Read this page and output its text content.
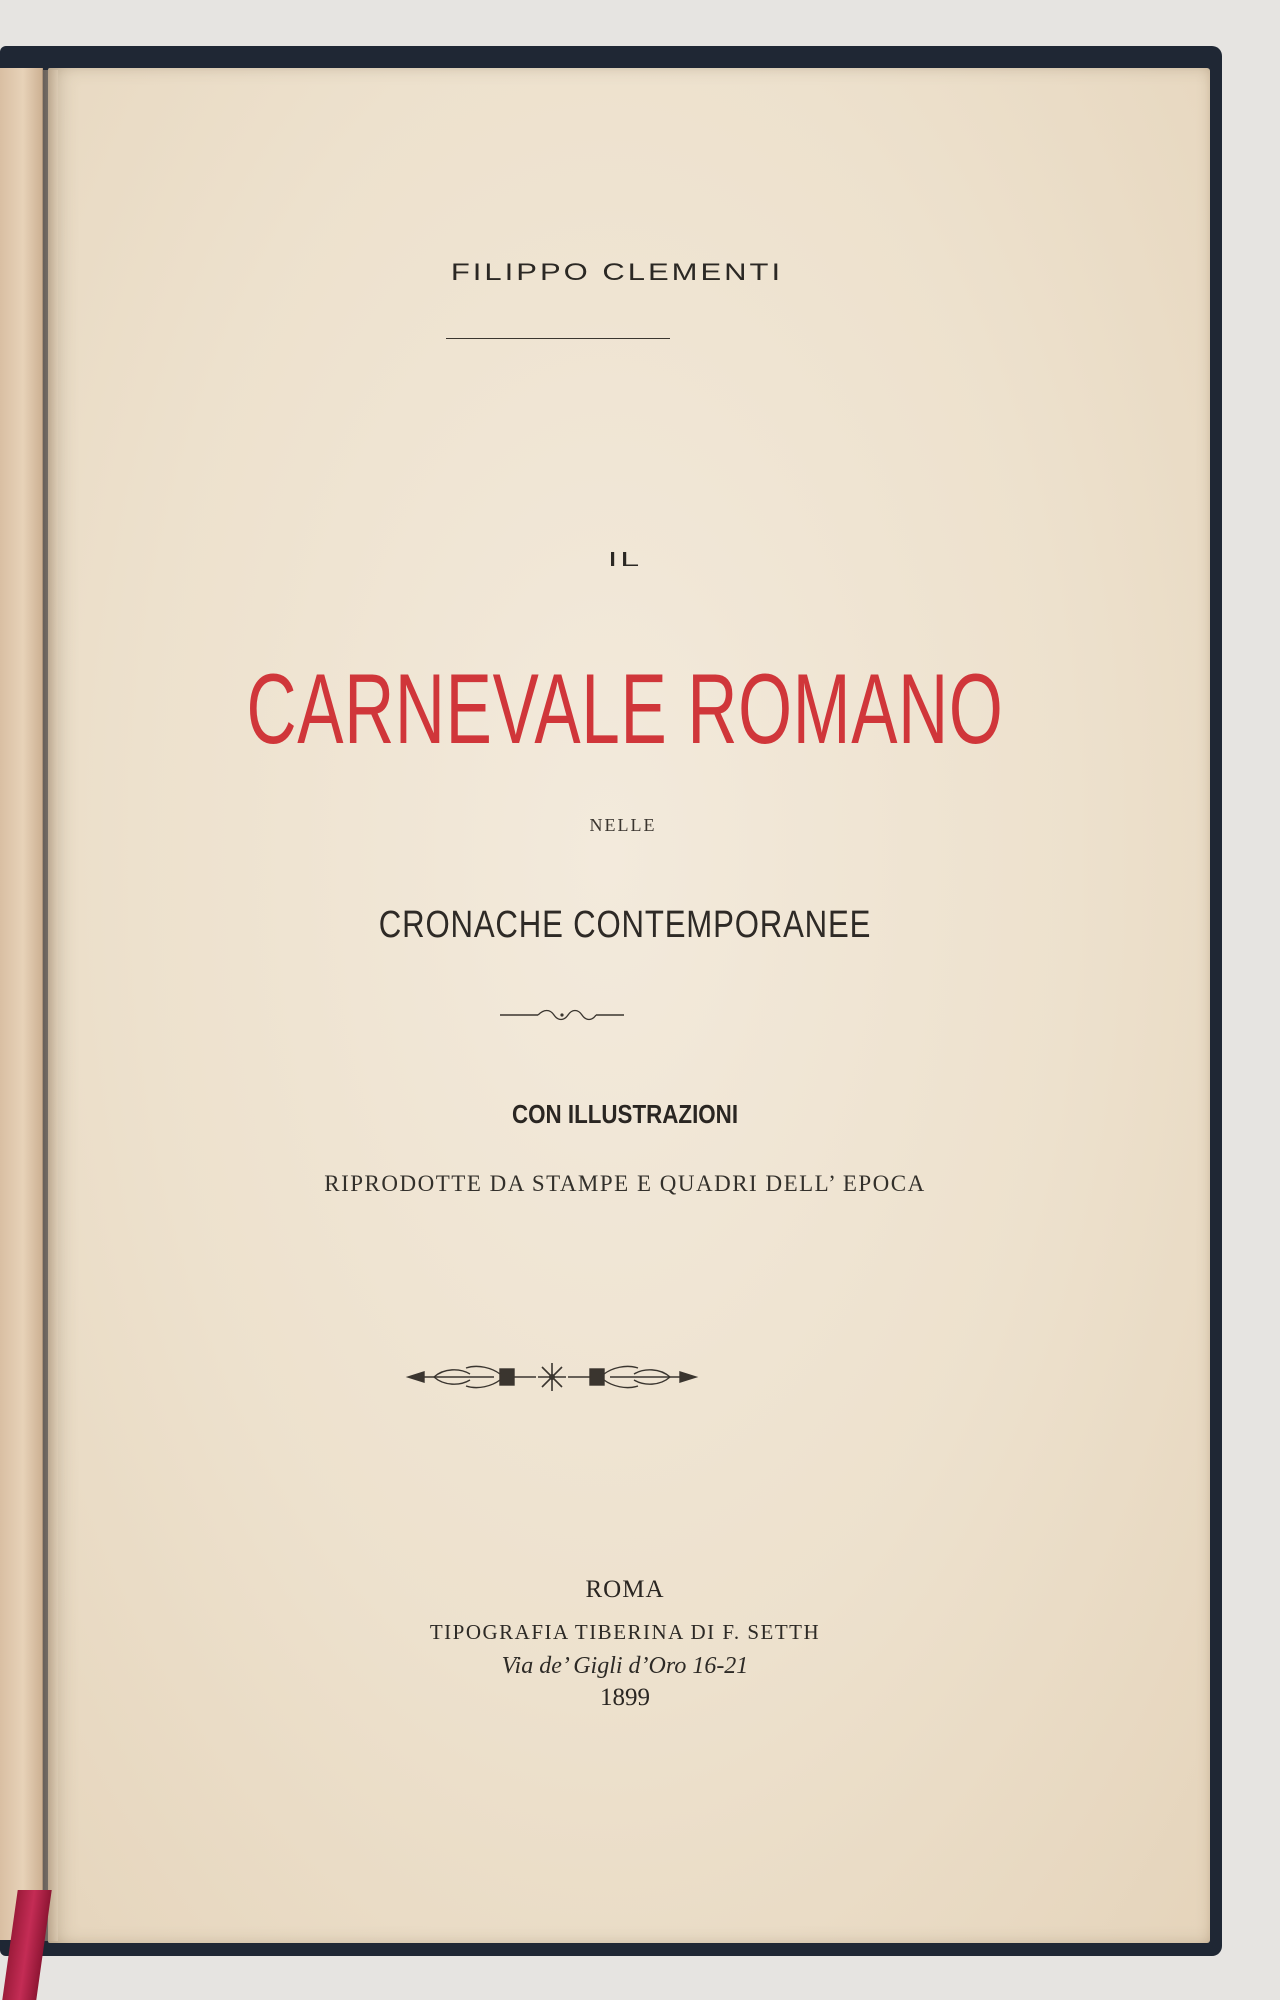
FILIPPO CLEMENTI
IL
CARNEVALE ROMANO
NELLE
CRONACHE CONTEMPORANEE
CON ILLUSTRAZIONI
RIPRODOTTE DA STAMPE E QUADRI DELL’ EPOCA
ROMA
TIPOGRAFIA TIBERINA DI F. SETTH
Via de’ Gigli d’Oro 16-21
1899
